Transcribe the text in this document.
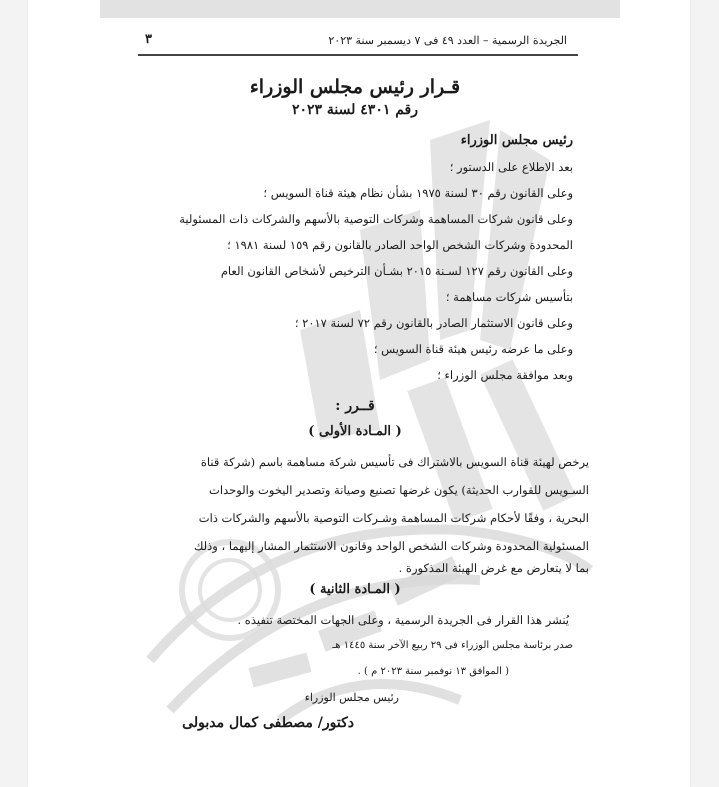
الجريدة الرسمية – العدد ٤٩ فى ٧ ديسمبر سنة ٢٠٢٣
٣
قـرار رئيس مجلس الوزراء
رقم ٤٣٠١ لسنة ٢٠٢٣
رئيس مجلس الوزراء
بعد الاطلاع على الدستور ؛
وعلى القانون رقم ٣٠ لسنة ١٩٧٥ بشأن نظام هيئة قناة السويس ؛
وعلى قانون شركات المساهمة وشركات التوصية بالأسهم والشركات ذات المسئولية
المحدودة وشركات الشخص الواحد الصادر بالقانون رقم ١٥٩ لسنة ١٩٨١ ؛
وعلى القانون رقم ١٢٧ لسـنة ٢٠١٥ بشـأن الترخيص لأشخاص القانون العام
بتأسيس شركات مساهمة ؛
وعلى قانون الاستثمار الصادر بالقانون رقم ٧٢ لسنة ٢٠١٧ ؛
وعلى ما عرضه رئيس هيئة قناة السويس ؛
وبعد موافقة مجلس الوزراء ؛
قــرر :
( المـادة الأولى )
يرخص لهيئة قناة السويس بالاشتراك فى تأسيس شركة مساهمة باسم (شركة قناة
السـويس للقوارب الحديثة) يكون غرضها تصنيع وصيانة وتصدير اليخوت والوحدات
البحرية ، وفقًا لأحكام شركات المساهمة وشـركات التوصية بالأسهم والشركات ذات
المسئولية المحدودة وشركات الشخص الواحد وقانون الاستثمار المشار إليهما ، وذلك
بما لا يتعارض مع غرض الهيئة المذكورة .
( المـادة الثانية )
يُنشر هذا القرار فى الجريدة الرسمية ، وعلى الجهات المختصة تنفيذه .
صدر برئاسة مجلس الوزراء فى ٢٩ ربيع الآخر سنة ١٤٤٥ هـ
( الموافق ١٣ نوفمبر سنة ٢٠٢٣ م ) .
رئيس مجلس الوزراء
دكتور/ مصطفى كمال مدبولى
